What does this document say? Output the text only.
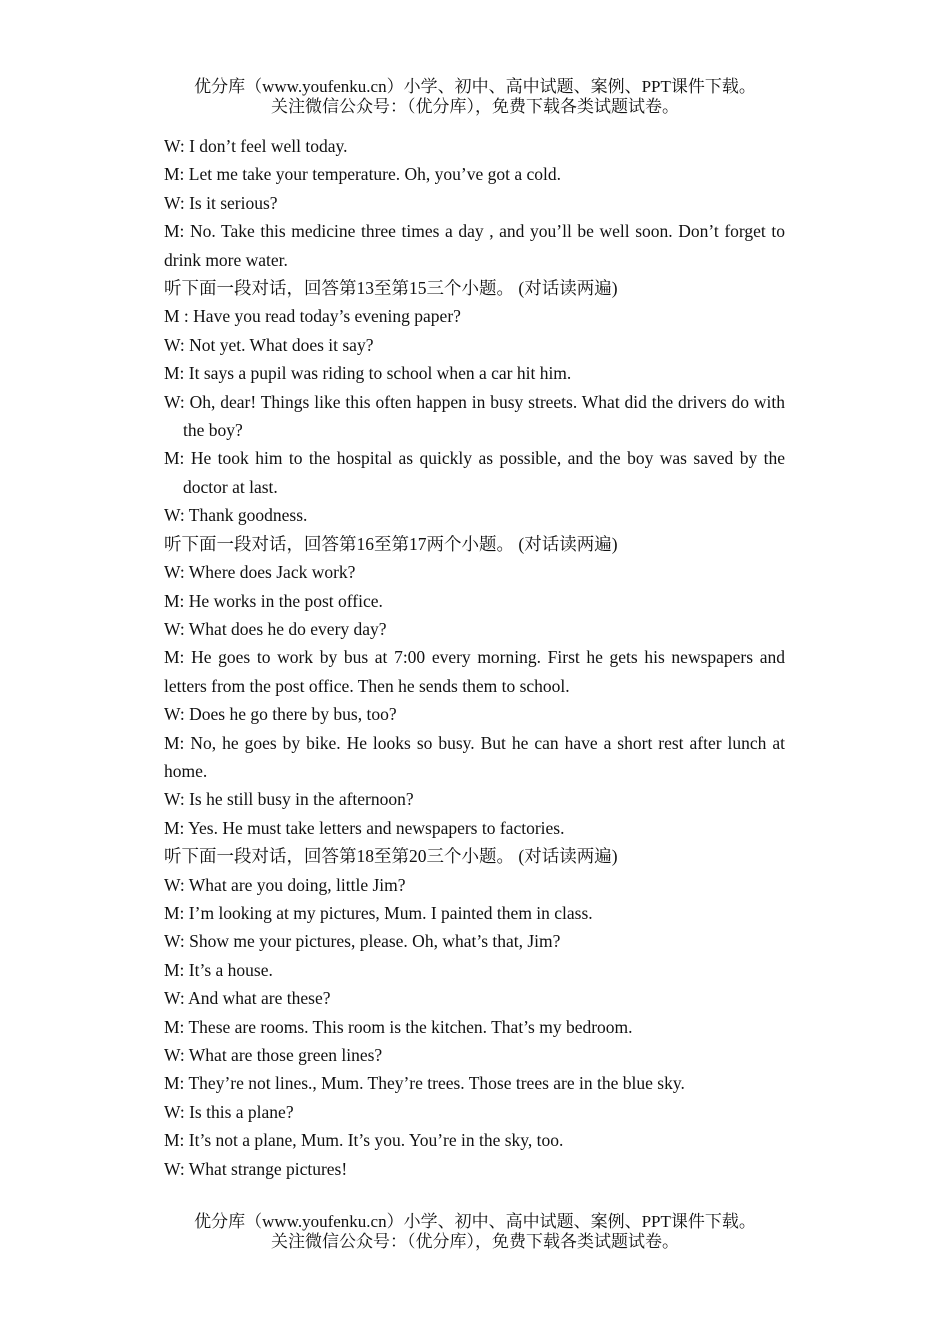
优分库（www.youfenku.cn）小学、初中、高中试题、案例、PPT课件下载。
关注微信公众号：（优分库），免费下载各类试题试卷。
W: I don’t feel well today.
M: Let me take your temperature. Oh, you’ve got a cold.
W: Is it serious?
M: No. Take this medicine three times a day , and you’ll be well soon. Don’t forget to drink more water.
听下面一段对话，回答第13至第15三个小题。 (对话读两遍)
M : Have you read today’s evening paper?
W: Not yet. What does it say?
M: It says a pupil was riding to school when a car hit him.
W: Oh, dear! Things like this often happen in busy streets. What did the drivers do with the boy?
M: He took him to the hospital as quickly as possible, and the boy was saved by the doctor at last.
W: Thank goodness.
听下面一段对话，回答第16至第17两个小题。 (对话读两遍)
W: Where does Jack work?
M: He works in the post office.
W: What does he do every day?
M: He goes to work by bus at 7:00 every morning. First he gets his newspapers and letters from the post office. Then he sends them to school.
W: Does he go there by bus, too?
M: No, he goes by bike. He looks so busy. But he can have a short rest after lunch at home.
W: Is he still busy in the afternoon?
M: Yes. He must take letters and newspapers to factories.
听下面一段对话，回答第18至第20三个小题。 (对话读两遍)
W: What are you doing, little Jim?
M: I’m looking at my pictures, Mum. I painted them in class.
W: Show me your pictures, please. Oh, what’s that, Jim?
M: It’s a house.
W: And what are these?
M: These are rooms. This room is the kitchen. That’s my bedroom.
W: What are those green lines?
M: They’re not lines., Mum. They’re trees. Those trees are in the blue sky.
W: Is this a plane?
M: It’s not a plane, Mum. It’s you. You’re in the sky, too.
W: What strange pictures!
优分库（www.youfenku.cn）小学、初中、高中试题、案例、PPT课件下载。
关注微信公众号：（优分库），免费下载各类试题试卷。
